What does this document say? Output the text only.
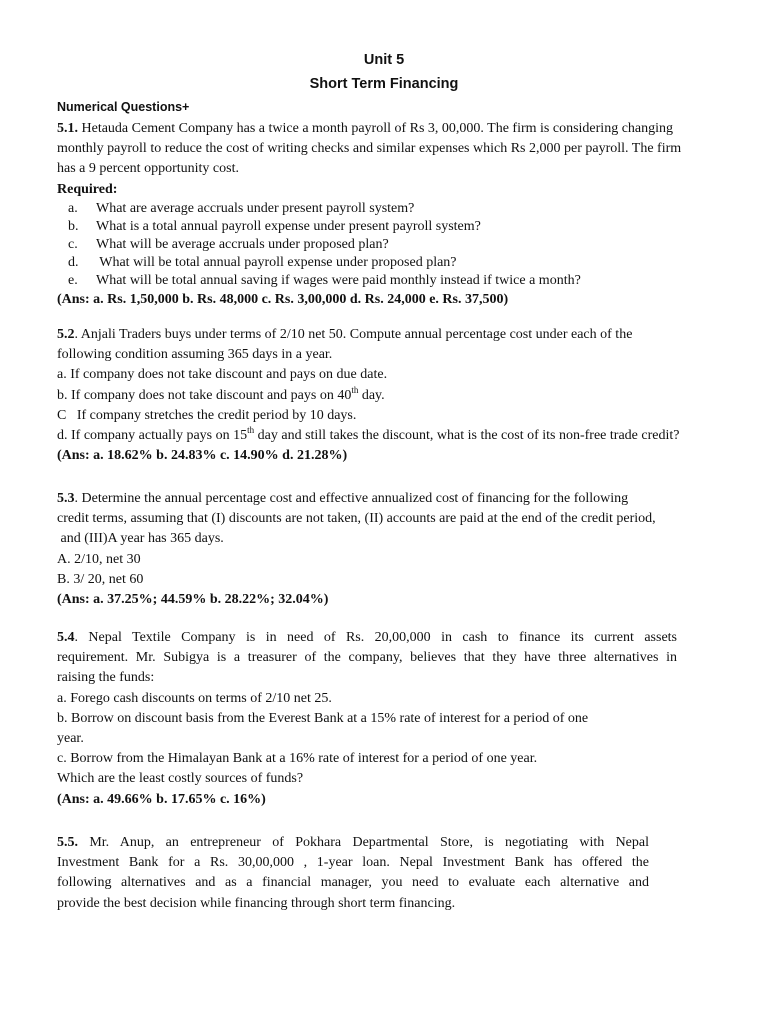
Unit 5
Short Term Financing
Numerical Questions+
5.1. Hetauda Cement Company has a twice a month payroll of Rs 3, 00,000. The firm is considering changing
monthly payroll to reduce the cost of writing checks and similar expenses which Rs 2,000 per payroll. The firm
has a 9 percent opportunity cost.
Required:
a.	What are average accruals under present payroll system?
b.	What is a total annual payroll expense under present payroll system?
c.	What will be average accruals under proposed plan?
d.	What will be total annual payroll expense under proposed plan?
e.	What will be total annual saving if wages were paid monthly instead if twice a month?
(Ans: a. Rs. 1,50,000 b. Rs. 48,000 c. Rs. 3,00,000 d. Rs. 24,000 e. Rs. 37,500)
5.2. Anjali Traders buys under terms of 2/10 net 50. Compute annual percentage cost under each of the
following condition assuming 365 days in a year.
a. If company does not take discount and pays on due date.
b. If company does not take discount and pays on 40th day.
C   If company stretches the credit period by 10 days.
d. If company actually pays on 15th day and still takes the discount, what is the cost of its non-free trade credit?
(Ans: a. 18.62% b. 24.83% c. 14.90% d. 21.28%)
5.3. Determine the annual percentage cost and effective annualized cost of financing for the following
credit terms, assuming that (I) discounts are not taken, (II) accounts are paid at the end of the credit period,
and (III)A year has 365 days.
A. 2/10, net 30
B. 3/ 20, net 60
(Ans: a. 37.25%; 44.59% b. 28.22%; 32.04%)
5.4. Nepal Textile Company is in need of Rs. 20,00,000 in cash to finance its current assets
requirement. Mr. Subigya is a treasurer of the company, believes that they have three alternatives in
raising the funds:
a. Forego cash discounts on terms of 2/10 net 25.
b. Borrow on discount basis from the Everest Bank at a 15% rate of interest for a period of one
year.
c. Borrow from the Himalayan Bank at a 16% rate of interest for a period of one year.
Which are the least costly sources of funds?
(Ans: a. 49.66% b. 17.65% c. 16%)
5.5. Mr. Anup, an entrepreneur of Pokhara Departmental Store, is negotiating with Nepal
Investment Bank for a Rs. 30,00,000 , 1-year loan. Nepal Investment Bank has offered the
following alternatives and as a financial manager, you need to evaluate each alternative and
provide the best decision while financing through short term financing.
